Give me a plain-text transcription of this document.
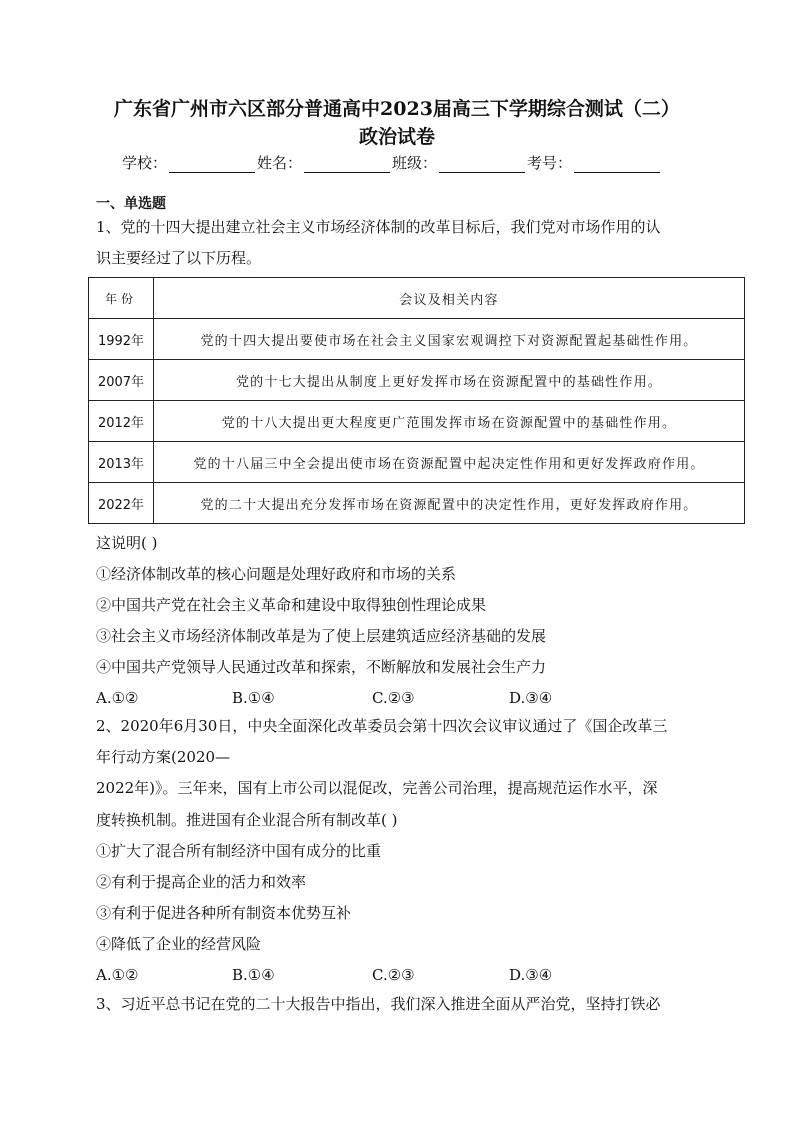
广东省广州市六区部分普通高中2023届高三下学期综合测试（二）
政治试卷
学校：	姓名：	班级：	考号：
一、单选题
1、党的十四大提出建立社会主义市场经济体制的改革目标后，我们党对市场作用的认
识主要经过了以下历程。
年份	会议及相关内容
1992年	党的十四大提出要使市场在社会主义国家宏观调控下对资源配置起基础性作用。
2007年	党的十七大提出从制度上更好发挥市场在资源配置中的基础性作用。
2012年	党的十八大提出更大程度更广范围发挥市场在资源配置中的基础性作用。
2013年	党的十八届三中全会提出使市场在资源配置中起决定性作用和更好发挥政府作用。
2022年	党的二十大提出充分发挥市场在资源配置中的决定性作用，更好发挥政府作用。
这说明( )
①经济体制改革的核心问题是处理好政府和市场的关系
②中国共产党在社会主义革命和建设中取得独创性理论成果
③社会主义市场经济体制改革是为了使上层建筑适应经济基础的发展
④中国共产党领导人民通过改革和探索，不断解放和发展社会生产力
A.①②	B.①④	C.②③	D.③④
2、2020年6月30日，中央全面深化改革委员会第十四次会议审议通过了《国企改革三
年行动方案(2020—
2022年)》。三年来，国有上市公司以混促改，完善公司治理，提高规范运作水平，深
度转换机制。推进国有企业混合所有制改革( )
①扩大了混合所有制经济中国有成分的比重
②有利于提高企业的活力和效率
③有利于促进各种所有制资本优势互补
④降低了企业的经营风险
A.①②	B.①④	C.②③	D.③④
3、习近平总书记在党的二十大报告中指出，我们深入推进全面从严治党，坚持打铁必
